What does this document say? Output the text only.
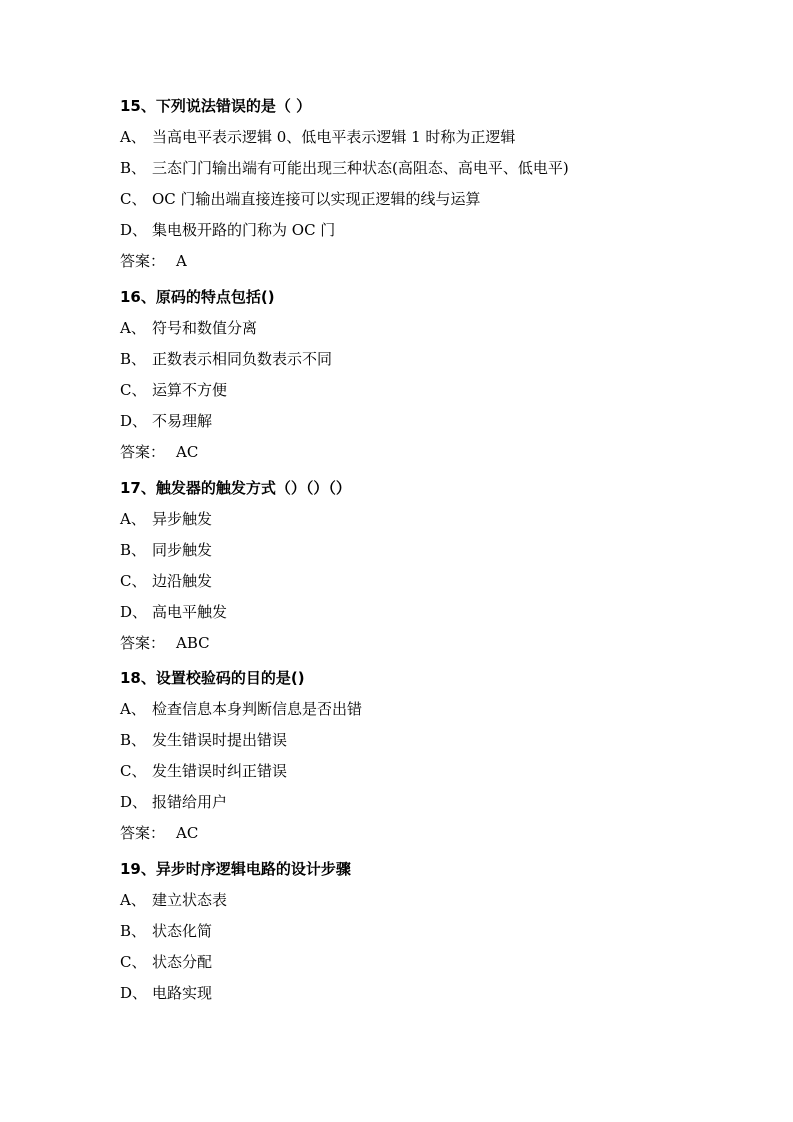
15、下列说法错误的是（ ）
A、 当高电平表示逻辑 0、低电平表示逻辑 1 时称为正逻辑
B、 三态门门输出端有可能出现三种状态(高阻态、高电平、低电平)
C、 OC 门输出端直接连接可以实现正逻辑的线与运算
D、 集电极开路的门称为 OC 门
答案： A
16、原码的特点包括()
A、 符号和数值分离
B、 正数表示相同负数表示不同
C、 运算不方便
D、 不易理解
答案： AC
17、触发器的触发方式（）（）（）
A、 异步触发
B、 同步触发
C、 边沿触发
D、 高电平触发
答案： ABC
18、设置校验码的目的是()
A、 检查信息本身判断信息是否出错
B、 发生错误时提出错误
C、 发生错误时纠正错误
D、 报错给用户
答案： AC
19、异步时序逻辑电路的设计步骤
A、 建立状态表
B、 状态化简
C、 状态分配
D、 电路实现
